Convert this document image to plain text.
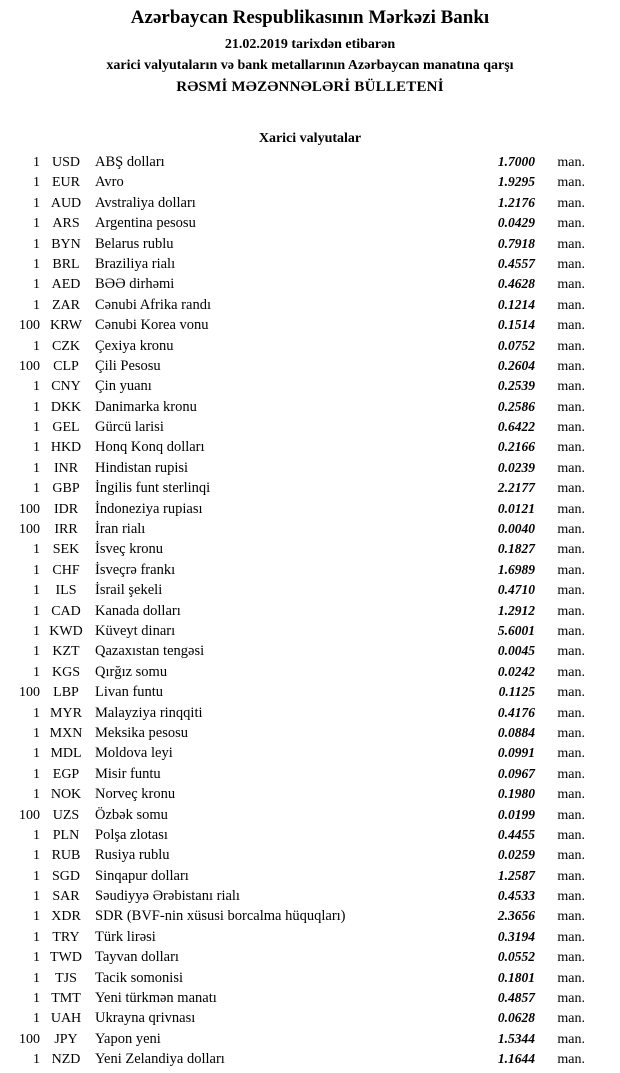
Azərbaycan Respublikasının Mərkəzi Bankı
21.02.2019 tarixdən etibarən
xarici valyutaların və bank metallarının Azərbaycan manatına qarşı
RƏSMİ MƏZƏNNƏLƏRİ BÜLLETENİ
Xarici valyutalar
1 USD	ABŞ dolları	1.7000	man.
1 EUR	Avro	1.9295	man.
1 AUD Avstraliya dolları	1.2176	man.
1 ARS	Argentina pesosu	0.0429	man.
1 BYN Belarus rublu	0.7918	man.
1 BRL	Braziliya rialı	0.4557	man.
1 AED	BƏƏ dirhəmi	0.4628	man.
1 ZAR	Cənubi Afrika randı	0.1214	man.
100 KRW Cənubi Korea vonu	0.1514	man.
1 CZK	Çexiya kronu	0.0752	man.
100 CLP	Çili Pesosu	0.2604	man.
1 CNY Çin yuanı	0.2539	man.
1 DKK Danimarka kronu	0.2586	man.
1 GEL	Gürcü larisi	0.6422	man.
1 HKD Honq Konq dolları	0.2166	man.
1 INR	Hindistan rupisi	0.0239	man.
1 GBP	İngilis funt sterlinqi	2.2177	man.
100 IDR	İndoneziya rupiası	0.0121	man.
100	IRR	İran rialı	0.0040	man.
1 SEK	İsveç kronu	0.1827	man.
1 CHF	İsveçrə frankı	1.6989	man.
1	ILS	İsrail şekeli	0.4710	man.
1 CAD Kanada dolları	1.2912	man.
1 KWD Küveyt dinarı	5.6001	man.
1 KZT	Qazaxıstan tengəsi	0.0045	man.
1 KGS	Qırğız somu	0.0242	man.
100 LBP	Livan funtu	0.1125	man.
1 MYR Malayziya rinqqiti	0.4176	man.
1 MXN Meksika pesosu	0.0884	man.
1 MDL Moldova leyi	0.0991	man.
1 EGP	Misir funtu	0.0967	man.
1 NOK Norveç kronu	0.1980	man.
100 UZS	Özbək somu	0.0199	man.
1 PLN	Polşa zlotası	0.4455	man.
1 RUB	Rusiya rublu	0.0259	man.
1 SGD	Sinqapur dolları	1.2587	man.
1 SAR	Səudiyyə Ərəbistanı rialı	0.4533	man.
1 XDR SDR (BVF-nin xüsusi borcalma hüquqları)	2.3656	man.
1 TRY	Türk lirəsi	0.3194	man.
1 TWD Tayvan dolları	0.0552	man.
1	TJS	Tacik somonisi	0.1801	man.
1 TMT Yeni türkmən manatı	0.4857	man.
1 UAH Ukrayna qrivnası	0.0628	man.
100	JPY	Yapon yeni	1.5344	man.
1 NZD	Yeni Zelandiya dolları	1.1644	man.
